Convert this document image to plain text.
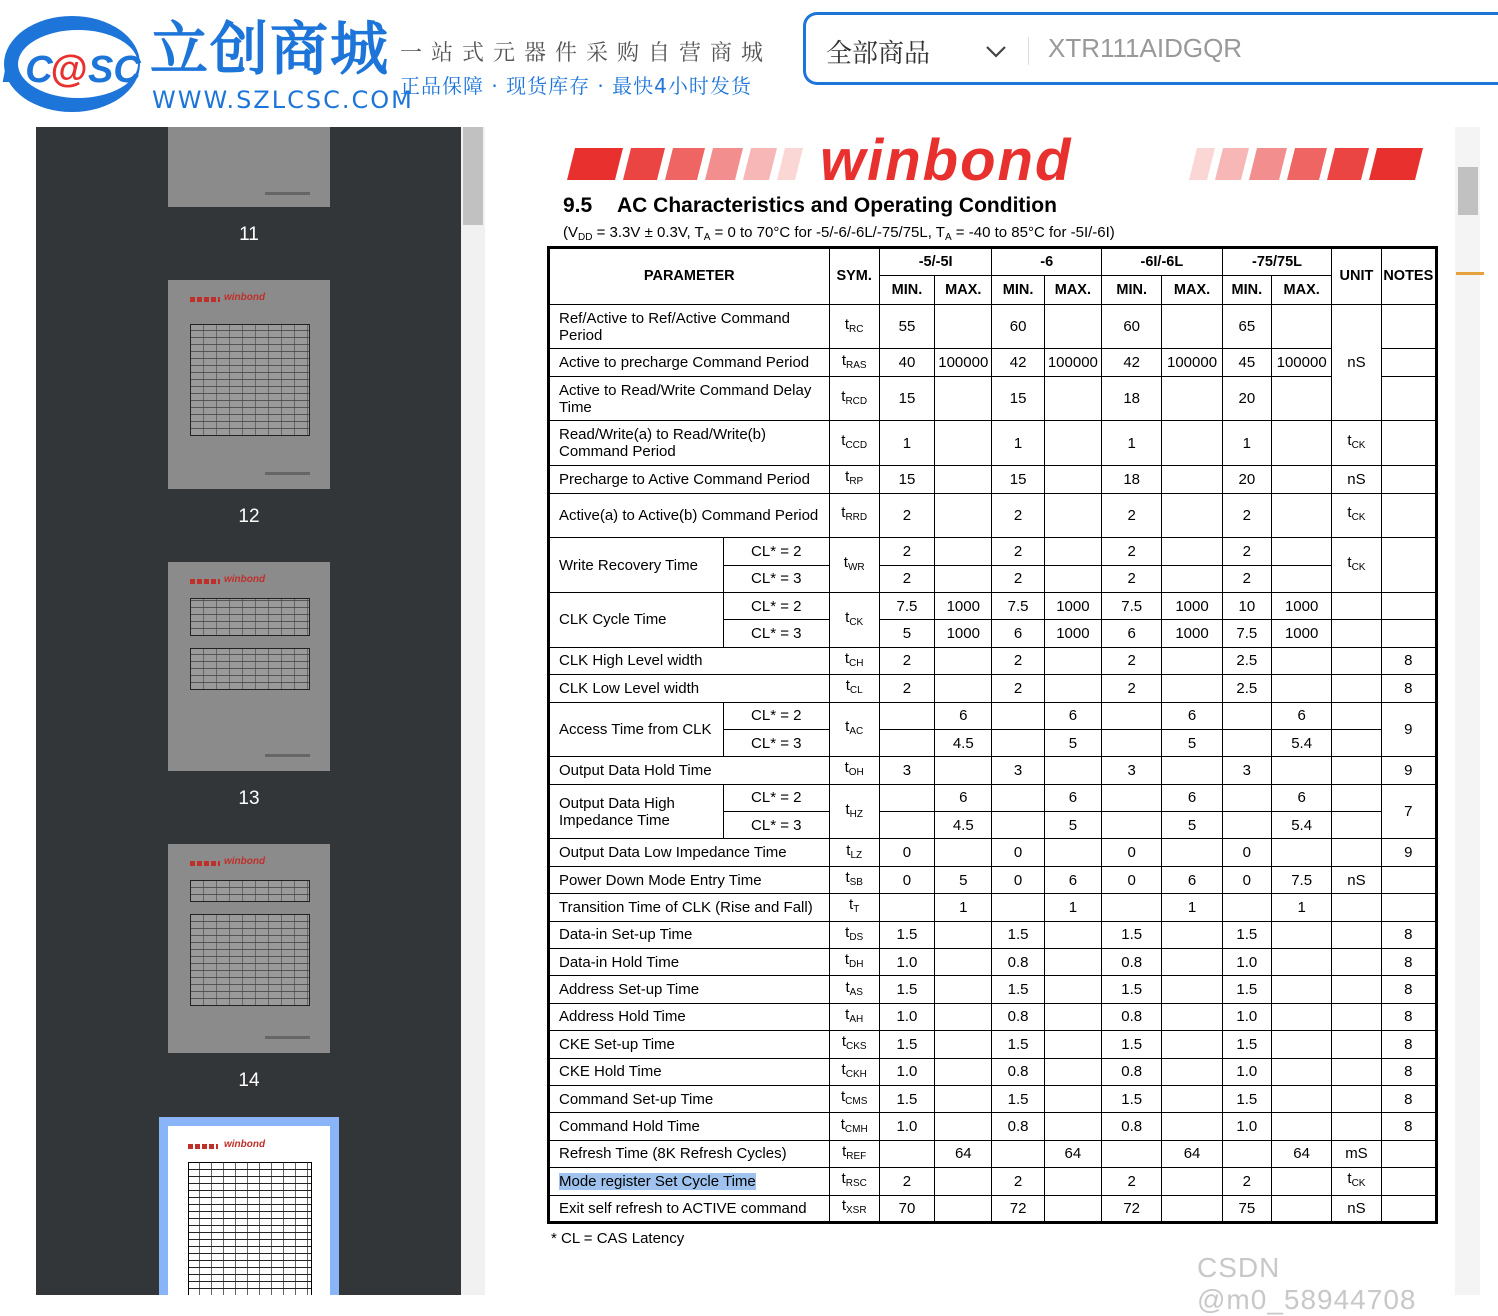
LC
@ SC 立创商城
WWW.SZLCSC.COM
一站式元器件采购自营商城
正品保障 · 现货库存 · 最快4小时发货
全部商品	XTR111AIDGQR
11
winbond
12
winbond
13
winbond
14
winbond
winbond
9.5 AC Characteristics and Operating Condition
($V_{DD} = 3.3V \pm 0.3V$, $T_A = 0$ to 70°C for -5/-6/-6L/-75/75L, $T_A = -40$ to 85°C for -5I/-6I)
PARAMETER		SYM.	-5/-5I		-6		-6I/-6L		-75/75L		UNIT	NOTES
			MIN.	MAX.	MIN.	MAX.	MIN.	MAX.	MIN.	MAX.		
Ref/Active to Ref/Active Command Period		$t_{RC}$	55		60		60		65		nS	
Active to precharge Command Period		$t_{RAS}$	40	100000	42	100000	42	100000	45	100000		
Active to Read/Write Command Delay Time		$t_{RCD}$	15		15		18		20			
Read/Write(a) to Read/Write(b) Command Period		$t_{CCD}$	1		1		1		1		$t_{CK}$	
Precharge to Active Command Period		$t_{RP}$	15		15		18		20		nS	
Active(a) to Active(b) Command Period		$t_{RRD}$	2		2		2		2		$t_{CK}$	
Write Recovery Time	CL* = 2	$t_{WR}$	2		2		2		2		$t_{CK}$	
	CL* = 3		2		2		2		2			
CLK Cycle Time	CL* = 2	$t_{CK}$	7.5	1000	7.5	1000	7.5	1000	10	1000		
	CL* = 3		5	1000	6	1000	6	1000	7.5	1000		
CLK High Level width		$t_{CH}$	2		2		2		2.5			8
CLK Low Level width		$t_{CL}$	2		2		2		2.5			8
Access Time from CLK	CL* = 2	$t_{AC}$		6		6		6		6		9
	CL* = 3			4.5		5		5		5.4		
Output Data Hold Time		$t_{OH}$	3		3		3		3			9
Output Data High Impedance Time	CL* = 2	$t_{HZ}$		6		6		6		6		7
	CL* = 3			4.5		5		5		5.4		
Output Data Low Impedance Time		$t_{LZ}$	0		0		0		0			9
Power Down Mode Entry Time		$t_{SB}$	0	5	0	6	0	6	0	7.5	nS	
Transition Time of CLK (Rise and Fall)		$t_T$		1		1		1		1		
Data-in Set-up Time		$t_{DS}$	1.5		1.5		1.5		1.5			8
Data-in Hold Time		$t_{DH}$	1.0		0.8		0.8		1.0			8
Address Set-up Time		$t_{AS}$	1.5		1.5		1.5		1.5			8
Address Hold Time		$t_{AH}$	1.0		0.8		0.8		1.0			8
CKE Set-up Time		$t_{CKS}$	1.5		1.5		1.5		1.5			8
CKE Hold Time		$t_{CKH}$	1.0		0.8		0.8		1.0			8
Command Set-up Time		$t_{CMS}$	1.5		1.5		1.5		1.5			8
Command Hold Time		$t_{CMH}$	1.0		0.8		0.8		1.0			8
Refresh Time (8K Refresh Cycles)		$t_{REF}$		64		64		64		64	mS	
Mode register Set Cycle Time		$t_{RSC}$	2		2		2		2		$t_{CK}$	
Exit self refresh to ACTIVE command		$t_{XSR}$	70		72		72		75		nS	
* CL = CAS Latency
CSDN @m0_58944708
